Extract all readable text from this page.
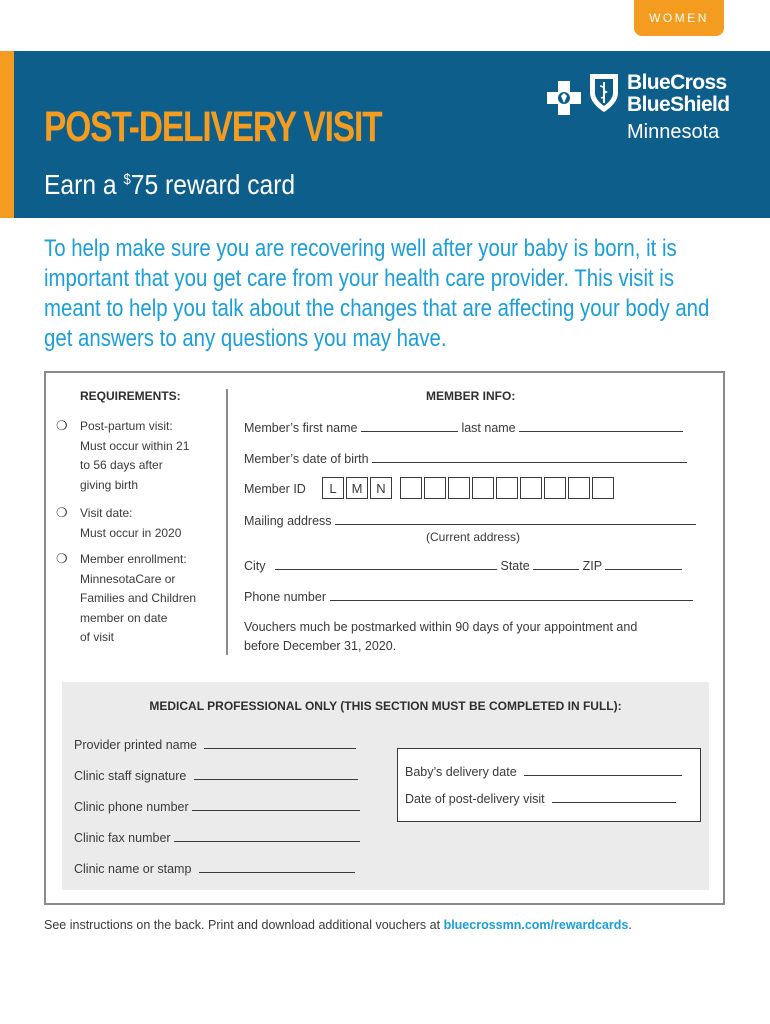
WOMEN
POST-DELIVERY VISIT
Earn a $75 reward card
BlueCross
BlueShield
Minnesota
To help make sure you are recovering well after your baby is born, it is important that you get care from your health care provider. This visit is meant to help you talk about the changes that are affecting your body and get answers to any questions you may have.
REQUIREMENTS:
❍ Post-partum visit:
Must occur within 21
to 56 days after
giving birth
❍ Visit date:
Must occur in 2020
❍ Member enrollment:
MinnesotaCare or
Families and Children
member on date
of visit
MEMBER INFO:
Member’s first name	last name
Member’s date of birth
Member ID	L	M	N
Mailing address
(Current address)
City	State	ZIP
Phone number
Vouchers much be postmarked within 90 days of your appointment and
before December 31, 2020.
MEDICAL PROFESSIONAL ONLY (THIS SECTION MUST BE COMPLETED IN FULL):
Provider printed name
Clinic staff signature
Clinic phone number
Clinic fax number
Clinic name or stamp
Baby’s delivery date
Date of post-delivery visit
See instructions on the back. Print and download additional vouchers at bluecrossmn.com/rewardcards.
